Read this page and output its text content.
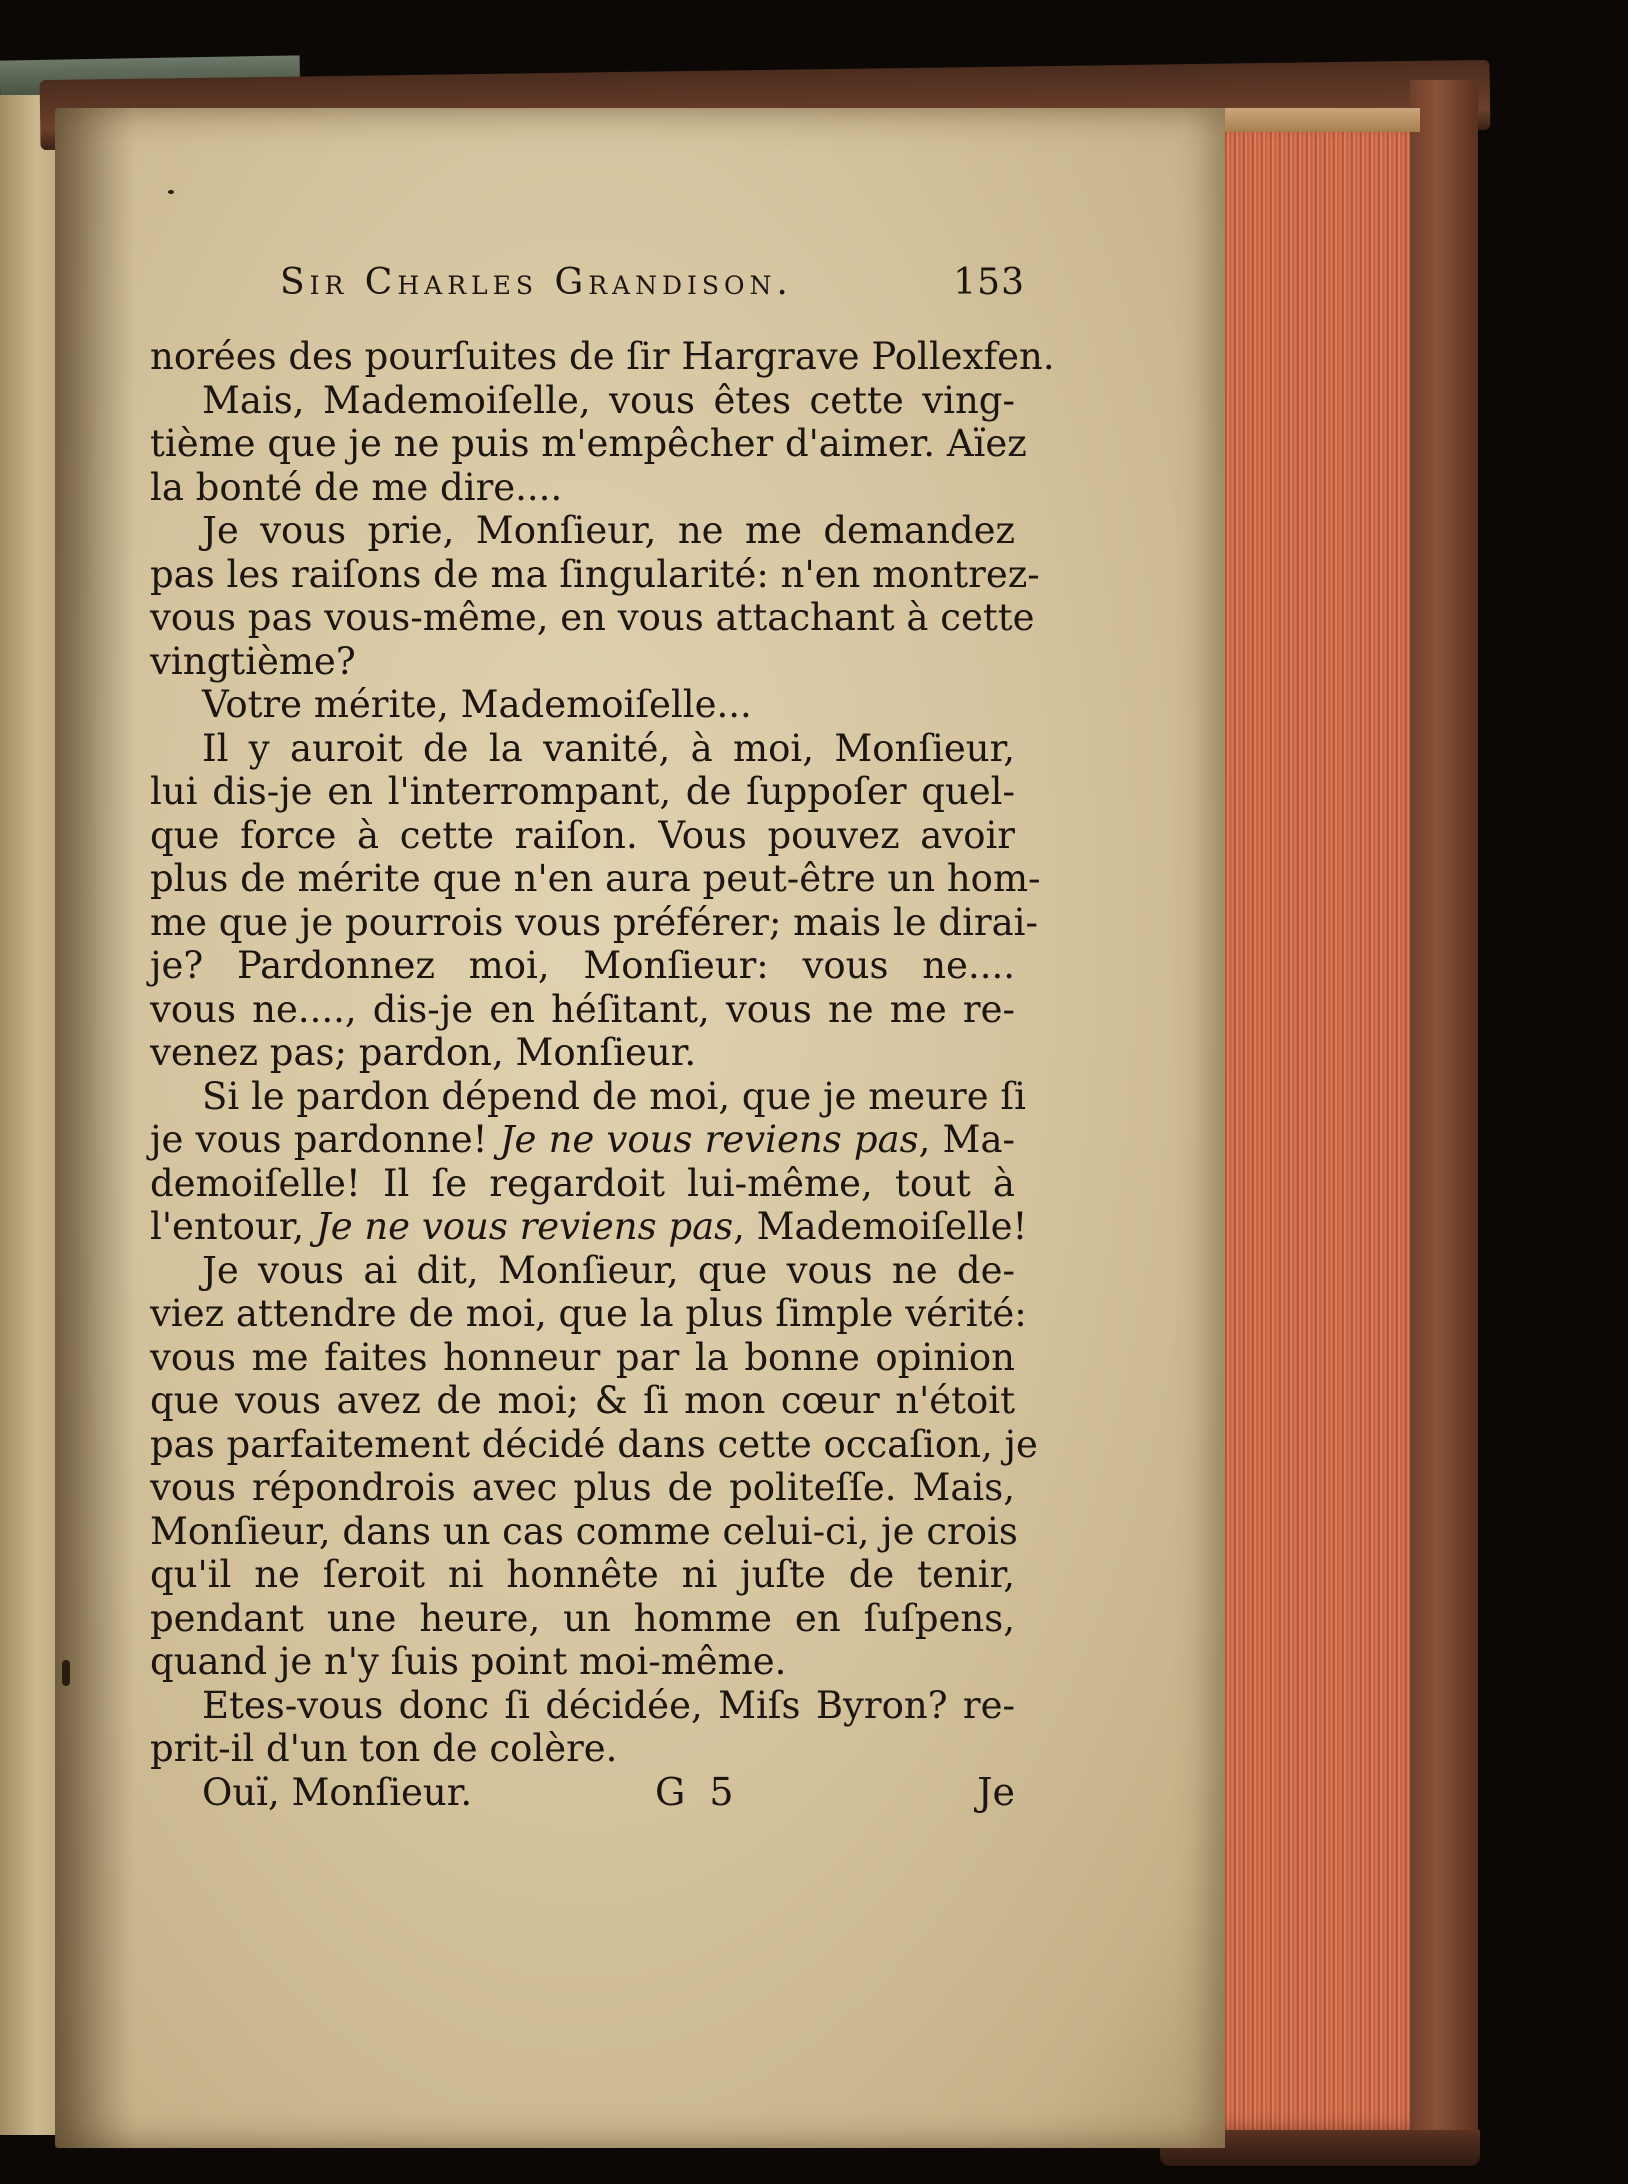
Sir Charles Grandison.	153
norées des pourſuites de ſir Hargrave Pollexfen.
Mais, Mademoiſelle, vous êtes cette ving-
tième que je ne puis m'empêcher d'aimer. Aïez
la bonté de me dire....
Je vous prie, Monſieur, ne me demandez
pas les raiſons de ma ſingularité: n'en montrez-
vous pas vous-même, en vous attachant à cette
vingtième?
Votre mérite, Mademoiſelle...
Il y auroit de la vanité, à moi, Monſieur,
lui dis-je en l'interrompant, de ſuppoſer quel-
que force à cette raiſon. Vous pouvez avoir
plus de mérite que n'en aura peut-être un hom-
me que je pourrois vous préférer; mais le dirai-
je? Pardonnez moi, Monſieur: vous ne....
vous ne...., dis-je en héſitant, vous ne me re-
venez pas; pardon, Monſieur.
Si le pardon dépend de moi, que je meure ſi
je vous pardonne! Je ne vous reviens pas, Ma-
demoiſelle! Il ſe regardoit lui-même, tout à
l'entour, Je ne vous reviens pas, Mademoiſelle!
Je vous ai dit, Monſieur, que vous ne de-
viez attendre de moi, que la plus ſimple vérité:
vous me faites honneur par la bonne opinion
que vous avez de moi; & ſi mon cœur n'étoit
pas parfaitement décidé dans cette occaſion, je
vous répondrois avec plus de politeſſe. Mais,
Monſieur, dans un cas comme celui-ci, je crois
qu'il ne ſeroit ni honnête ni juſte de tenir,
pendant une heure, un homme en ſuſpens,
quand je n'y ſuis point moi-même.
Etes-vous donc ſi décidée, Miſs Byron? re-
prit-il d'un ton de colère.
Ouï, Monſieur.	G 5	Je
